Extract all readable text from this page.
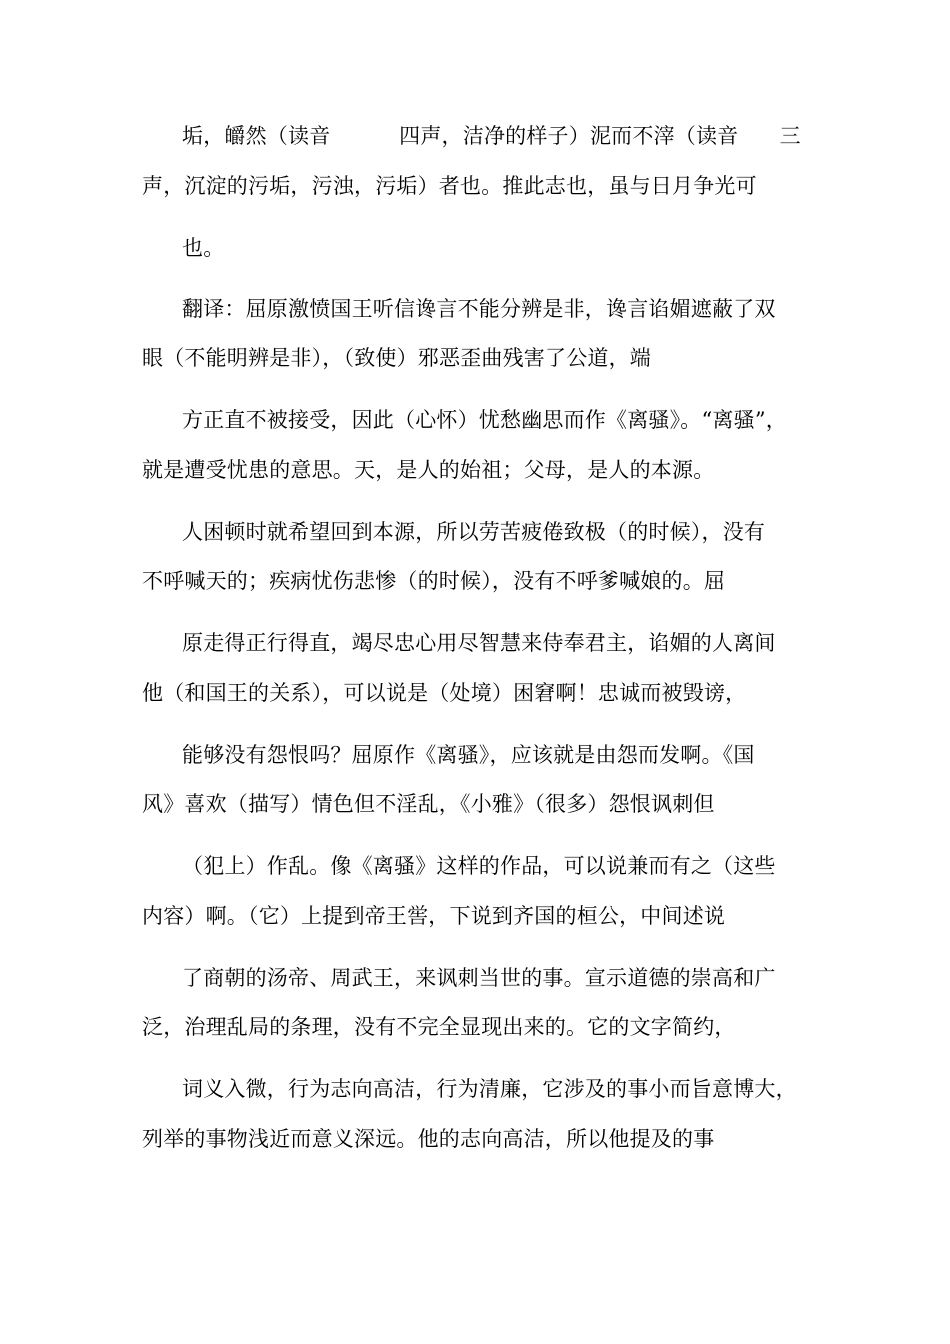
垢，皭然（读音          四声，洁净的样子）泥而不滓（读音      三
声，沉淀的污垢，污浊，污垢）者也。推此志也，虽与日月争光可
也。
翻译：屈原激愤国王听信谗言不能分辨是非，谗言谄媚遮蔽了双
眼（不能明辨是非），（致使）邪恶歪曲残害了公道，端
方正直不被接受，因此（心怀）忧愁幽思而作《离骚》。“离骚”，
就是遭受忧患的意思。天，是人的始祖；父母，是人的本源。
人困顿时就希望回到本源，所以劳苦疲倦致极（的时候），没有
不呼喊天的；疾病忧伤悲惨（的时候），没有不呼爹喊娘的。屈
原走得正行得直，竭尽忠心用尽智慧来侍奉君主，谄媚的人离间
他（和国王的关系），可以说是（处境）困窘啊！忠诚而被毁谤，
能够没有怨恨吗？屈原作《离骚》，应该就是由怨而发啊。《国
风》喜欢（描写）情色但不淫乱，《小雅》（很多）怨恨讽刺但
（犯上）作乱。像《离骚》这样的作品，可以说兼而有之（这些
内容）啊。（它）上提到帝王喾，下说到齐国的桓公，中间述说
了商朝的汤帝、周武王，来讽刺当世的事。宣示道德的崇高和广
泛，治理乱局的条理，没有不完全显现出来的。它的文字简约，
词义入微，行为志向高洁，行为清廉，它涉及的事小而旨意博大，
列举的事物浅近而意义深远。他的志向高洁，所以他提及的事
